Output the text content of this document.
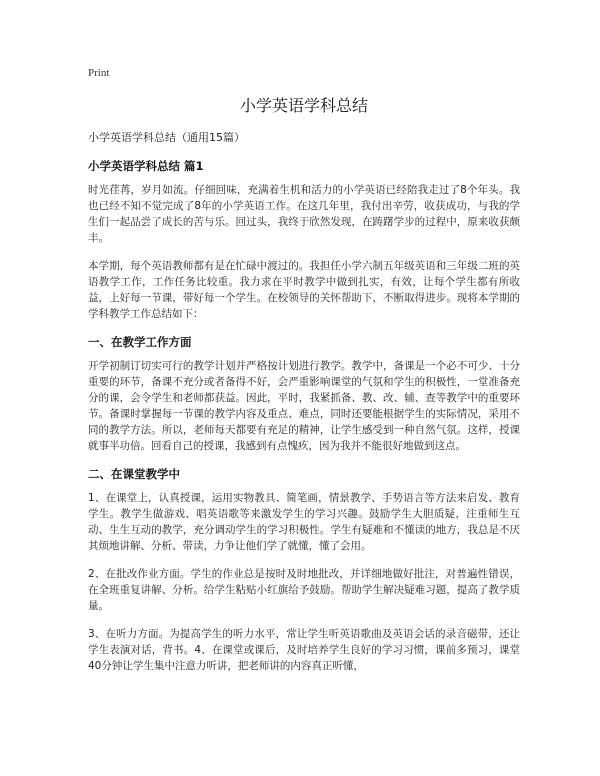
Print
小学英语学科总结
小学英语学科总结（通用15篇）
小学英语学科总结 篇1

时光荏苒，岁月如流。仔细回味，充满着生机和活力的小学英语已经陪我走过了8个年头。我也已经不知不觉完成了8年的小学英语工作。在这几年里，我付出辛劳，收获成功，与我的学生们一起品尝了成长的苦与乐。回过头，我终于欣然发现，在踌躇学步的过程中，原来收获颇丰。

本学期，每个英语教师都有是在忙碌中渡过的。我担任小学六制五年级英语和三年级二班的英语教学工作，工作任务比较重。我力求在平时教学中做到扎实，有效，让每个学生都有所收益，上好每一节课，带好每一个学生。在校领导的关怀帮助下，不断取得进步。现将本学期的学科教学工作总结如下：

一、在教学工作方面

开学初制订切实可行的教学计划并严格按计划进行教学。教学中，备课是一个必不可少、十分重要的环节，备课不充分或者备得不好，会严重影响课堂的气氛和学生的积极性，一堂准备充分的课，会令学生和老师都获益。因此，平时，我紧抓备、教、改、辅、查等教学中的重要环节。备课时掌握每一节课的教学内容及重点、难点，同时还要能根据学生的实际情况，采用不同的教学方法。所以，老师每天都要有充足的精神，让学生感受到一种自然气氛。这样，授课就事半功倍。回看自己的授课，我感到有点愧疚，因为我并不能很好地做到这点。

二、在课堂教学中

1、在课堂上，认真授课，运用实物教具、简笔画，情景教学、手势语言等方法来启发、教育学生。教学生做游戏、唱英语歌等来激发学生的学习兴趣。鼓励学生大胆质疑，注重师生互动、生生互动的教学，充分调动学生的学习积极性。学生有疑难和不懂读的地方，我总是不厌其烦地讲解、分析、带读，力争让他们学了就懂，懂了会用。

2、在批改作业方面。学生的作业总是按时及时地批改，并详细地做好批注，对普遍性错误，在全班重复讲解、分析。给学生粘贴小红旗给予鼓励。帮助学生解决疑难习题，提高了教学质量。

3、在听力方面。为提高学生的听力水平，常让学生听英语歌曲及英语会话的录音磁带，还让学生表演对话，背书。4、在课堂或课后，及时培养学生良好的学习习惯，课前多预习，课堂40分钟让学生集中注意力听讲，把老师讲的内容真正听懂，
